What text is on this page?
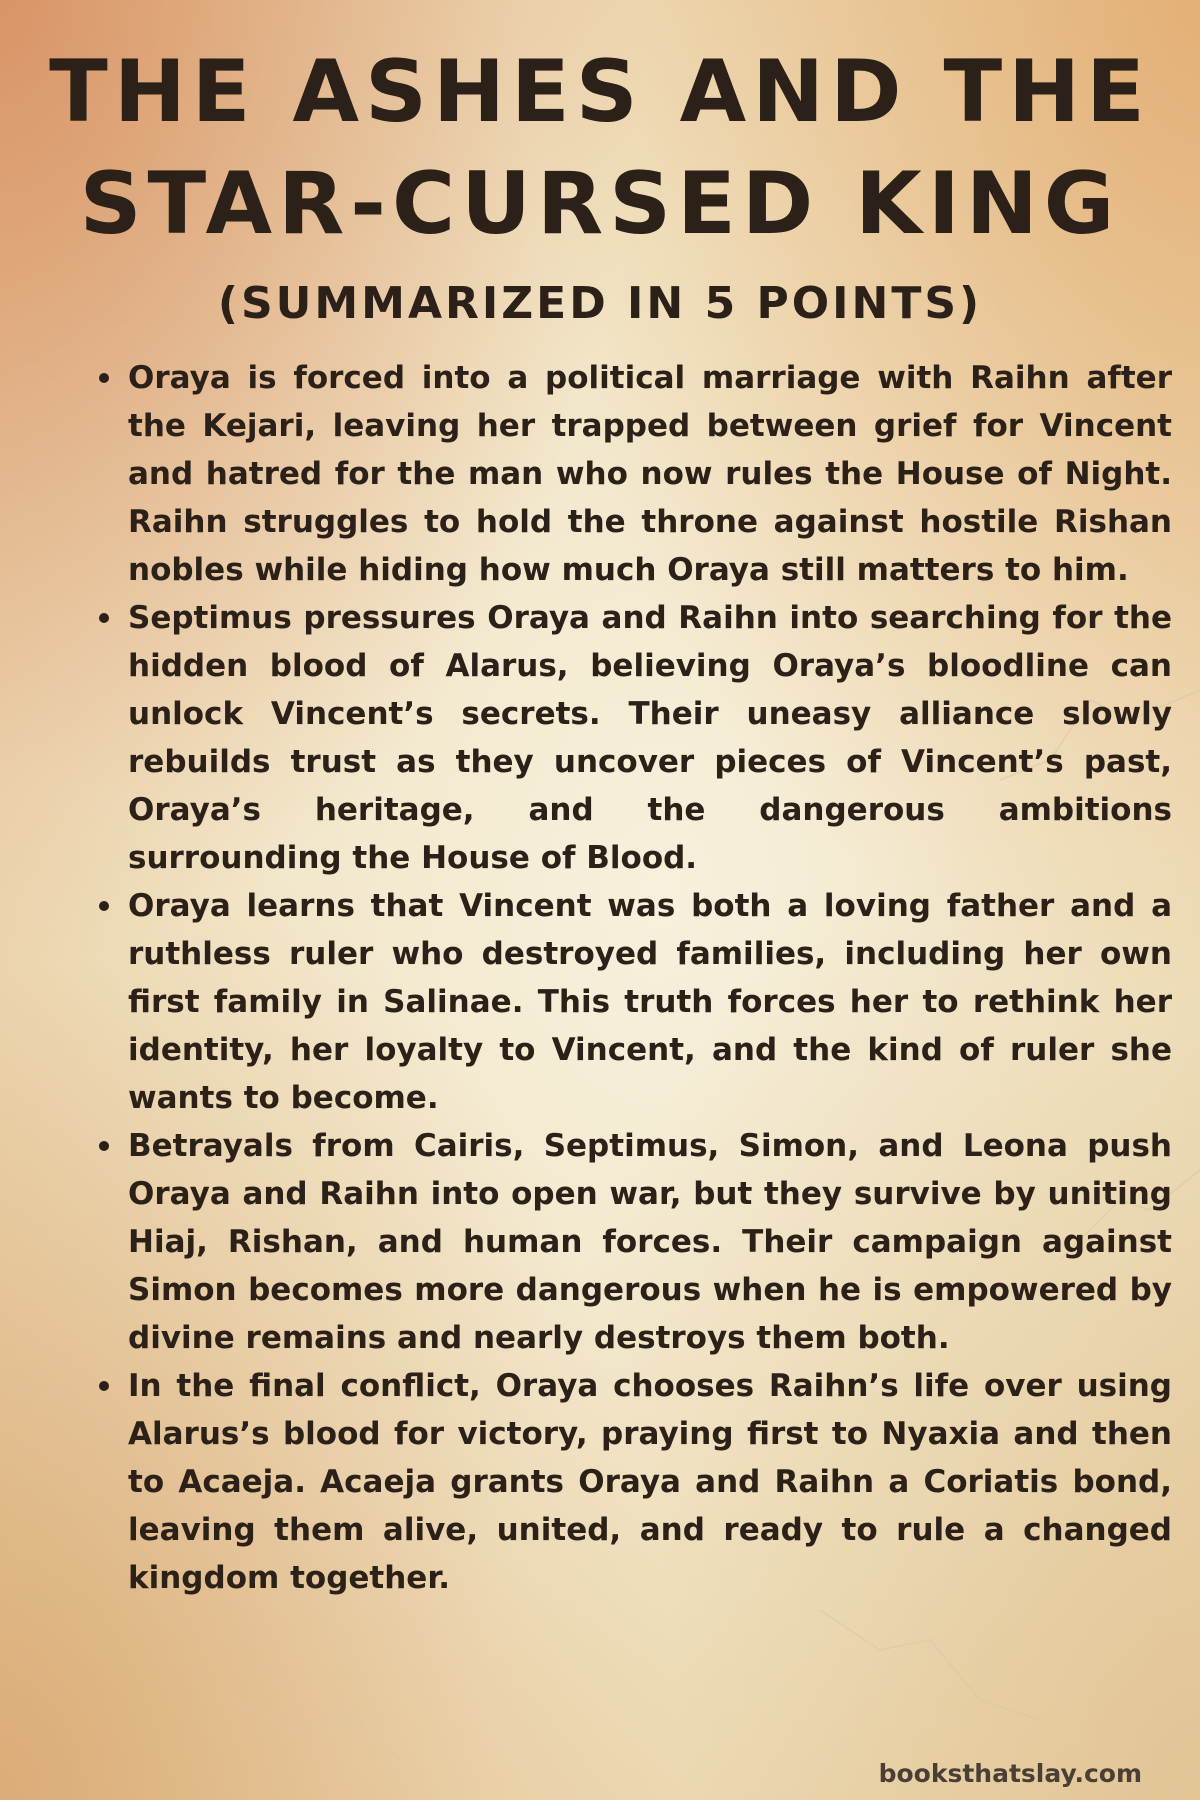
THE ASHES AND THE
STAR-CURSED KING
(SUMMARIZED IN 5 POINTS)
Oraya is forced into a political marriage with Raihn after the Kejari, leaving her trapped between grief for Vincent and hatred for the man who now rules the House of Night. Raihn struggles to hold the throne against hostile Rishan nobles while hiding how much Oraya still matters to him.
Septimus pressures Oraya and Raihn into searching for the hidden blood of Alarus, believing Oraya’s bloodline can unlock Vincent’s secrets. Their uneasy alliance slowly rebuilds trust as they uncover pieces of Vincent’s past, Oraya’s heritage, and the dangerous ambitions surrounding the House of Blood.
Oraya learns that Vincent was both a loving father and a ruthless ruler who destroyed families, including her own first family in Salinae. This truth forces her to rethink her identity, her loyalty to Vincent, and the kind of ruler she wants to become.
Betrayals from Cairis, Septimus, Simon, and Leona push Oraya and Raihn into open war, but they survive by uniting Hiaj, Rishan, and human forces. Their campaign against Simon becomes more dangerous when he is empowered by divine remains and nearly destroys them both.
In the final conflict, Oraya chooses Raihn’s life over using Alarus’s blood for victory, praying first to Nyaxia and then to Acaeja. Acaeja grants Oraya and Raihn a Coriatis bond, leaving them alive, united, and ready to rule a changed kingdom together.
booksthatslay.com
